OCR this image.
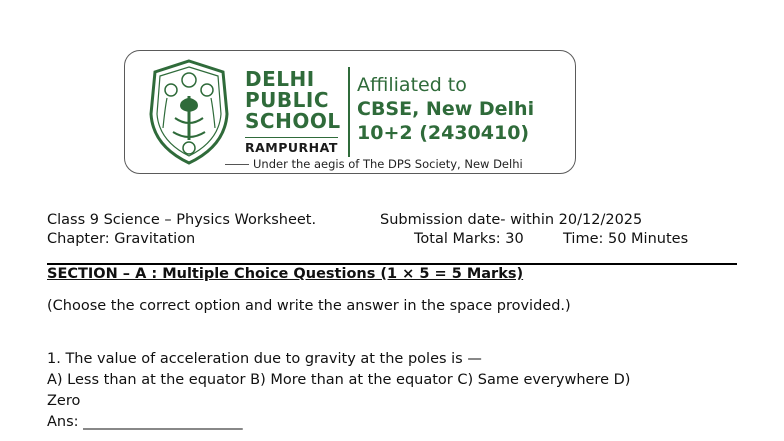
DELHI
PUBLIC
SCHOOL
RAMPURHAT
Affiliated to
CBSE, New Delhi
10+2 (2430410)
Under the aegis of The DPS Society, New Delhi
Class 9 Science – Physics Worksheet.	Submission date- within 20/12/2025
Chapter: Gravitation	Total Marks: 30	Time: 50 Minutes
SECTION – A : Multiple Choice Questions (1 × 5 = 5 Marks)
(Choose the correct option and write the answer in the space provided.)
1. The value of acceleration due to gravity at the poles is —
A) Less than at the equator B) More than at the equator C) Same everywhere D)
Zero
Ans: ______________________
